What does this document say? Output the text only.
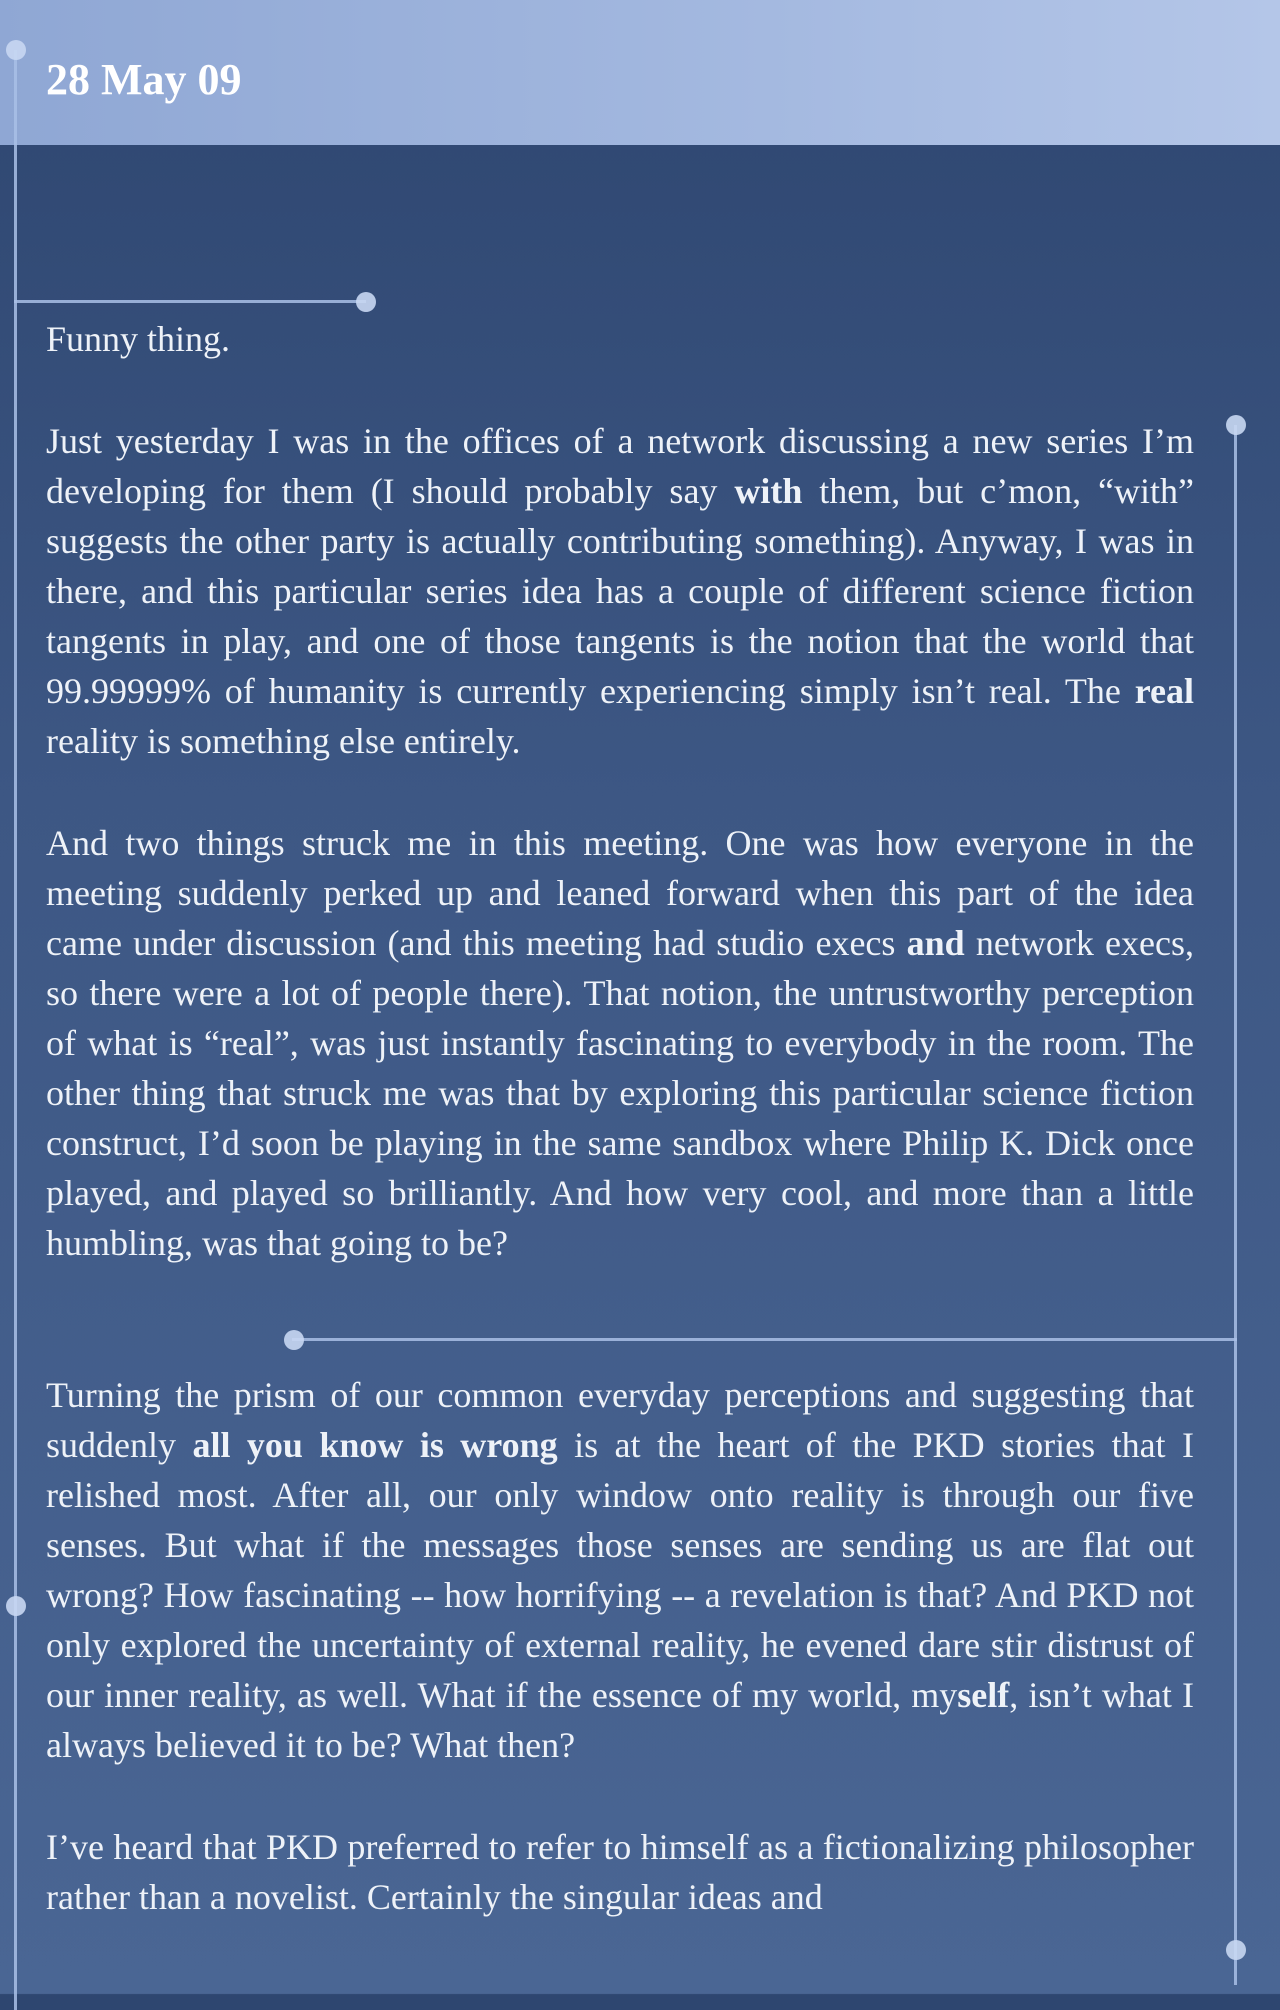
28 May 09

Funny thing.

Just yesterday I was in the offices of a network discussing a new series I’m developing for them (I should probably say with them, but c’mon, “with” suggests the other party is actually contributing something). Anyway, I was in there, and this particular series idea has a couple of different science fiction tangents in play, and one of those tangents is the notion that the world that 99.99999% of humanity is currently experiencing simply isn’t real. The real reality is something else entirely.

And two things struck me in this meeting. One was how everyone in the meeting suddenly perked up and leaned forward when this part of the idea came under discussion (and this meeting had studio execs and network execs, so there were a lot of people there). That notion, the untrustworthy perception of what is “real”, was just instantly fascinating to everybody in the room. The other thing that struck me was that by exploring this particular science fiction construct, I’d soon be playing in the same sandbox where Philip K. Dick once played, and played so brilliantly. And how very cool, and more than a little humbling, was that going to be?

Turning the prism of our common everyday perceptions and suggesting that suddenly all you know is wrong is at the heart of the PKD stories that I relished most. After all, our only window onto reality is through our five senses. But what if the messages those senses are sending us are flat out wrong? How fascinating -- how horrifying -- a revelation is that? And PKD not only explored the uncertainty of external reality, he evened dare stir distrust of our inner reality, as well. What if the essence of my world, myself, isn’t what I always believed it to be? What then?

I’ve heard that PKD preferred to refer to himself as a fictionalizing philosopher rather than a novelist. Certainly the singular ideas and
